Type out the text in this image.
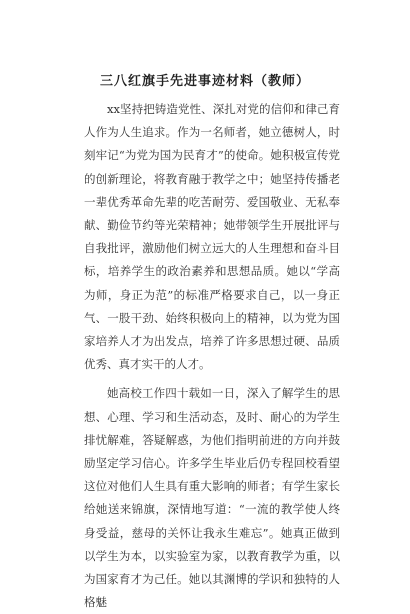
三八红旗手先进事迹材料（教师）

xx坚持把铸造党性、深扎对党的信仰和律己育人作为人生追求。作为一名师者，她立德树人，时刻牢记“为党为国为民育才”的使命。她积极宣传党的创新理论，将教育融于教学之中；她坚持传播老一辈优秀革命先辈的吃苦耐劳、爱国敬业、无私奉献、勤俭节约等光荣精神；她带领学生开展批评与自我批评，激励他们树立远大的人生理想和奋斗目标，培养学生的政治素养和思想品质。她以“学高为师，身正为范”的标准严格要求自己，以一身正气、一股干劲、始终积极向上的精神，以为党为国家培养人才为出发点，培养了许多思想过硬、品质优秀、真才实干的人才。

她高校工作四十载如一日，深入了解学生的思想、心理、学习和生活动态，及时、耐心的为学生排忧解难，答疑解惑，为他们指明前进的方向并鼓励坚定学习信心。许多学生毕业后仍专程回校看望这位对他们人生具有重大影响的师者；有学生家长给她送来锦旗，深情地写道：“一流的教学使人终身受益，慈母的关怀让我永生难忘”。她真正做到以学生为本，以实验室为家，以教育教学为重，以为国家育才为己任。她以其渊博的学识和独特的人格魅
